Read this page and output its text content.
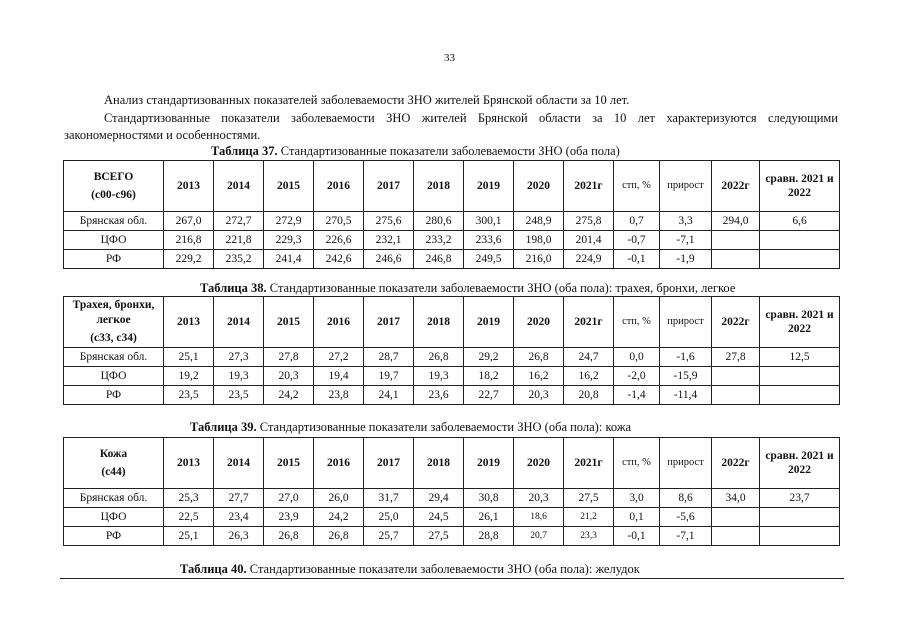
33
Анализ стандартизованных показателей заболеваемости ЗНО жителей Брянской области за 10 лет.
Стандартизованные показатели заболеваемости ЗНО жителей Брянской области за 10 лет характеризуются следующими закономерностями и особенностями.
Таблица 37. Стандартизованные показатели заболеваемости ЗНО (оба пола)
ВСЕГО
(с00-с96)	2013	2014	2015	2016	2017	2018	2019	2020	2021г	стп, %	прирост	2022г	сравн. 2021 и 2022
Брянская обл.	267,0	272,7	272,9	270,5	275,6	280,6	300,1	248,9	275,8	0,7	3,3	294,0	6,6
ЦФО	216,8	221,8	229,3	226,6	232,1	233,2	233,6	198,0	201,4	-0,7	-7,1		
РФ	229,2	235,2	241,4	242,6	246,6	246,8	249,5	216,0	224,9	-0,1	-1,9		
Таблица 38. Стандартизованные показатели заболеваемости ЗНО (оба пола): трахея, бронхи, легкое
Трахея, бронхи, легкое
(с33, с34)	2013	2014	2015	2016	2017	2018	2019	2020	2021г	стп, %	прирост	2022г	сравн. 2021 и 2022
Брянская обл.	25,1	27,3	27,8	27,2	28,7	26,8	29,2	26,8	24,7	0,0	-1,6	27,8	12,5
ЦФО	19,2	19,3	20,3	19,4	19,7	19,3	18,2	16,2	16,2	-2,0	-15,9		
РФ	23,5	23,5	24,2	23,8	24,1	23,6	22,7	20,3	20,8	-1,4	-11,4		
Таблица 39. Стандартизованные показатели заболеваемости ЗНО (оба пола): кожа
Кожа
(с44)	2013	2014	2015	2016	2017	2018	2019	2020	2021г	стп, %	прирост	2022г	сравн. 2021 и 2022
Брянская обл.	25,3	27,7	27,0	26,0	31,7	29,4	30,8	20,3	27,5	3,0	8,6	34,0	23,7
ЦФО	22,5	23,4	23,9	24,2	25,0	24,5	26,1	18,6	21,2	0,1	-5,6		
РФ	25,1	26,3	26,8	26,8	25,7	27,5	28,8	20,7	23,3	-0,1	-7,1		
Таблица 40. Стандартизованные показатели заболеваемости ЗНО (оба пола): желудок
